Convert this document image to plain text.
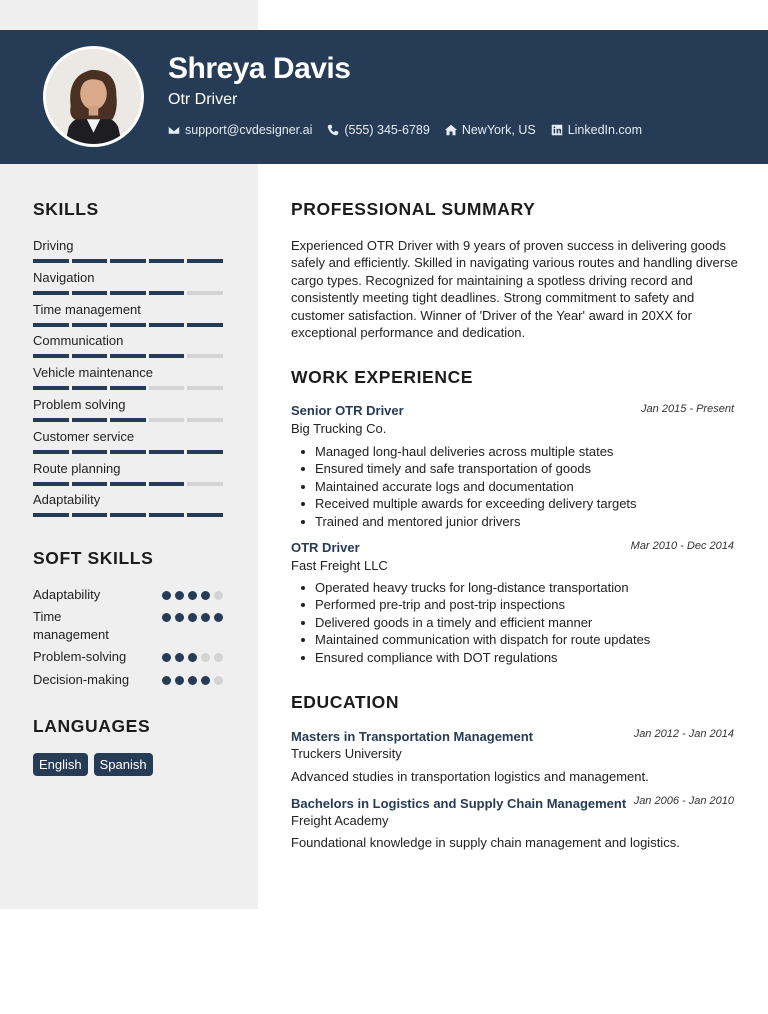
Shreya Davis
Otr Driver
support@cvdesigner.ai	(555) 345-6789	NewYork, US	LinkedIn.com
SKILLS
Driving
Navigation
Time management
Communication
Vehicle maintenance
Problem solving
Customer service
Route planning
Adaptability
SOFT SKILLS
Adaptability
Time management
Problem-solving
Decision-making
LANGUAGES
English	Spanish
PROFESSIONAL SUMMARY
Experienced OTR Driver with 9 years of proven success in delivering goods safely and efficiently. Skilled in navigating various routes and handling diverse cargo types. Recognized for maintaining a spotless driving record and consistently meeting tight deadlines. Strong commitment to safety and customer satisfaction. Winner of 'Driver of the Year' award in 20XX for exceptional performance and dedication.
WORK EXPERIENCE
Senior OTR Driver	Jan 2015 - Present
Big Trucking Co.
Managed long-haul deliveries across multiple states
Ensured timely and safe transportation of goods
Maintained accurate logs and documentation
Received multiple awards for exceeding delivery targets
Trained and mentored junior drivers
OTR Driver	Mar 2010 - Dec 2014
Fast Freight LLC
Operated heavy trucks for long-distance transportation
Performed pre-trip and post-trip inspections
Delivered goods in a timely and efficient manner
Maintained communication with dispatch for route updates
Ensured compliance with DOT regulations
EDUCATION
Masters in Transportation Management	Jan 2012 - Jan 2014
Truckers University
Advanced studies in transportation logistics and management.
Bachelors in Logistics and Supply Chain Management Jan 2006 - Jan 2010
Freight Academy
Foundational knowledge in supply chain management and logistics.
